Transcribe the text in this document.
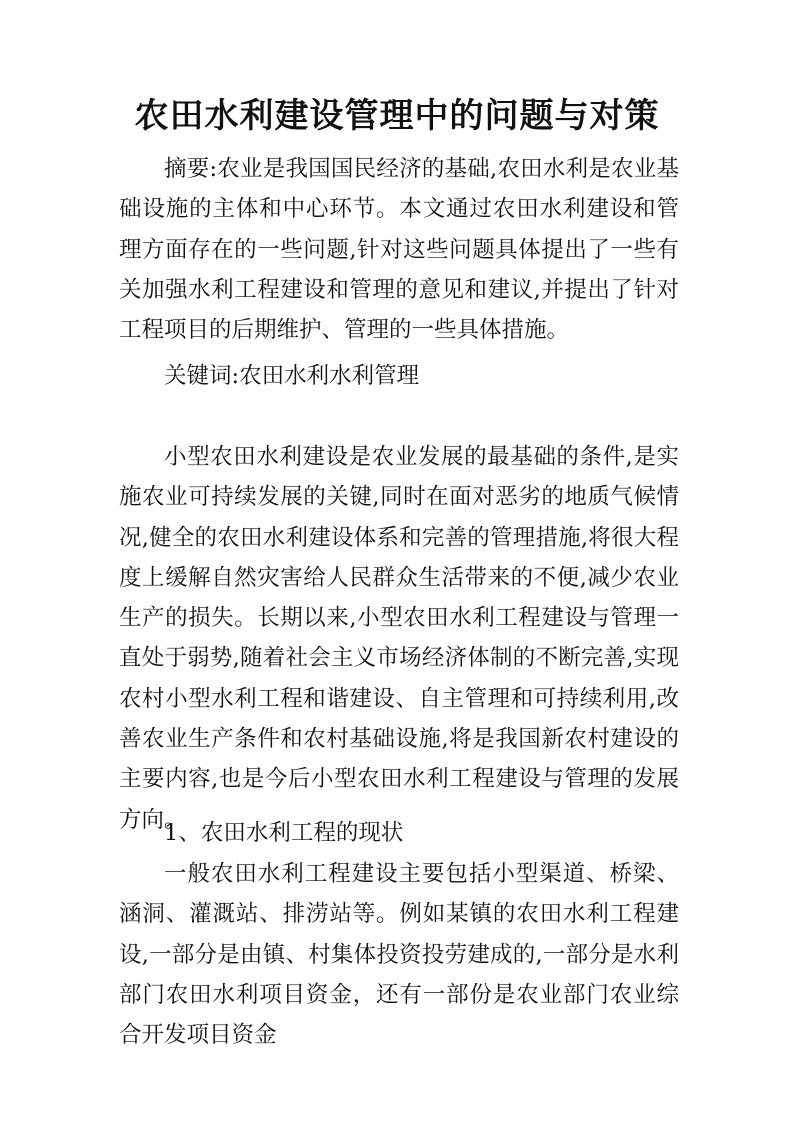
农田水利建设管理中的问题与对策
摘要:农业是我国国民经济的基础,农田水利是农业基础设施的主体和中心环节。本文通过农田水利建设和管理方面存在的一些问题,针对这些问题具体提出了一些有关加强水利工程建设和管理的意见和建议,并提出了针对工程项目的后期维护、管理的一些具体措施。
关键词:农田水利水利管理
小型农田水利建设是农业发展的最基础的条件,是实施农业可持续发展的关键,同时在面对恶劣的地质气候情况,健全的农田水利建设体系和完善的管理措施,将很大程度上缓解自然灾害给人民群众生活带来的不便,减少农业生产的损失。长期以来,小型农田水利工程建设与管理一直处于弱势,随着社会主义市场经济体制的不断完善,实现农村小型水利工程和谐建设、自主管理和可持续利用,改善农业生产条件和农村基础设施,将是我国新农村建设的主要内容,也是今后小型农田水利工程建设与管理的发展方向。
1、农田水利工程的现状
一般农田水利工程建设主要包括小型渠道、桥梁、涵洞、灌溉站、排涝站等。例如某镇的农田水利工程建设,一部分是由镇、村集体投资投劳建成的,一部分是水利部门农田水利项目资金，还有一部份是农业部门农业综合开发项目资金
